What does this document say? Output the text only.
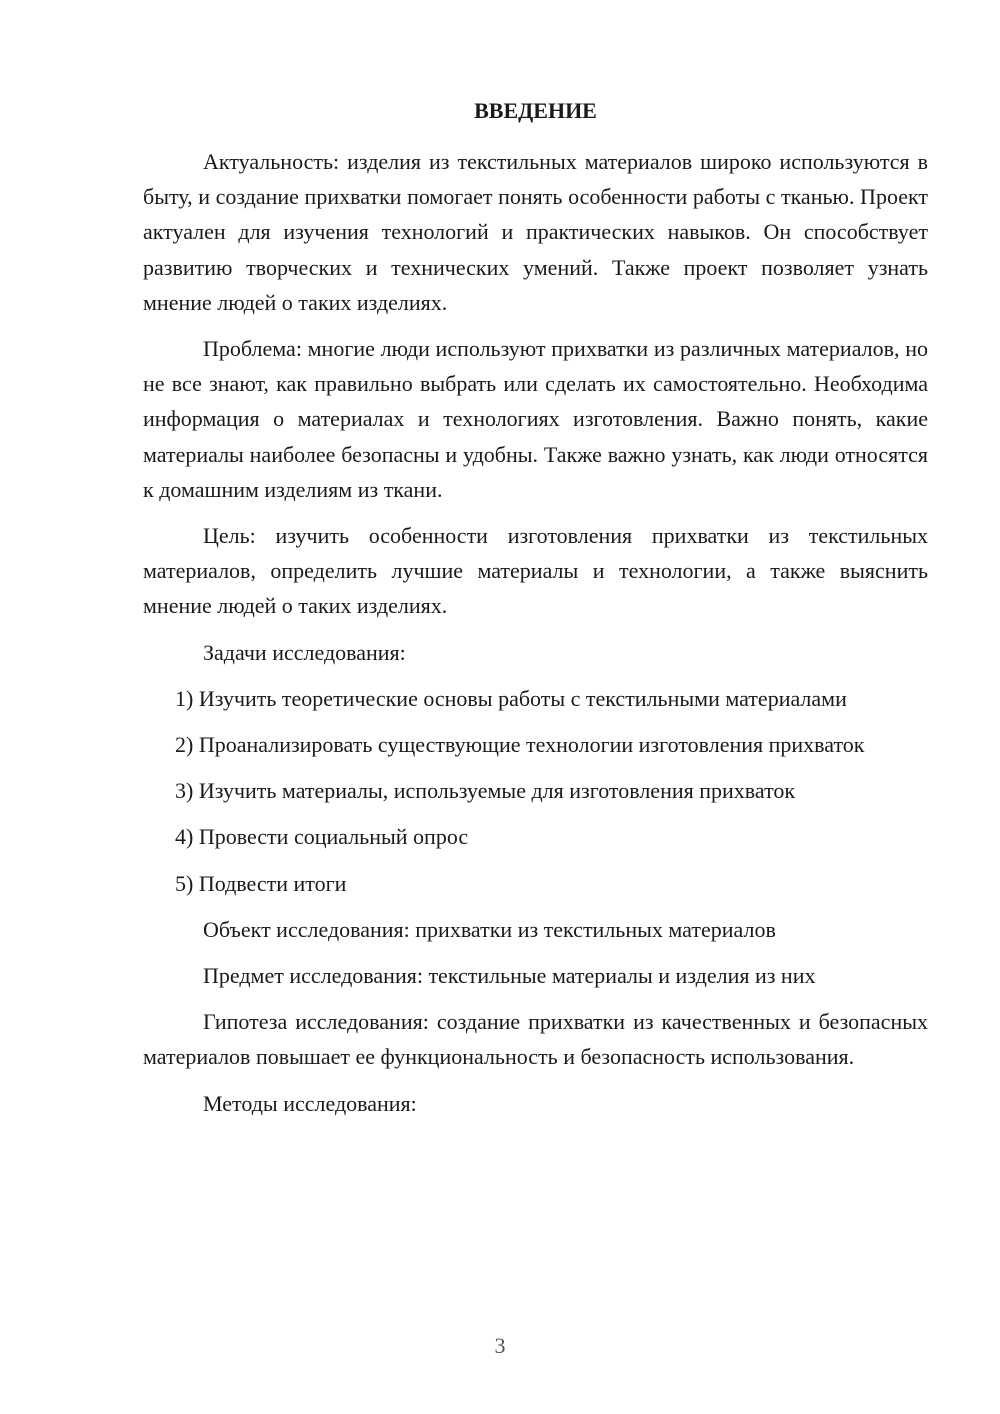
ВВЕДЕНИЕ

Актуальность: изделия из текстильных материалов широко используются в быту, и создание прихватки помогает понять особенности работы с тканью. Проект актуален для изучения технологий и практических навыков. Он способствует развитию творческих и технических умений. Также проект позволяет узнать мнение людей о таких изделиях.

Проблема: многие люди используют прихватки из различных материалов, но не все знают, как правильно выбрать или сделать их самостоятельно. Необходима информация о материалах и технологиях изготовления. Важно понять, какие материалы наиболее безопасны и удобны. Также важно узнать, как люди относятся к домашним изделиям из ткани.

Цель: изучить особенности изготовления прихватки из текстильных материалов, определить лучшие материалы и технологии, а также выяснить мнение людей о таких изделиях.

Задачи исследования:

1) Изучить теоретические основы работы с текстильными материалами

2) Проанализировать существующие технологии изготовления прихваток

3) Изучить материалы, используемые для изготовления прихваток

4) Провести социальный опрос

5) Подвести итоги

Объект исследования: прихватки из текстильных материалов

Предмет исследования: текстильные материалы и изделия из них

Гипотеза исследования: создание прихватки из качественных и безопасных материалов повышает ее функциональность и безопасность использования.

Методы исследования:

3
